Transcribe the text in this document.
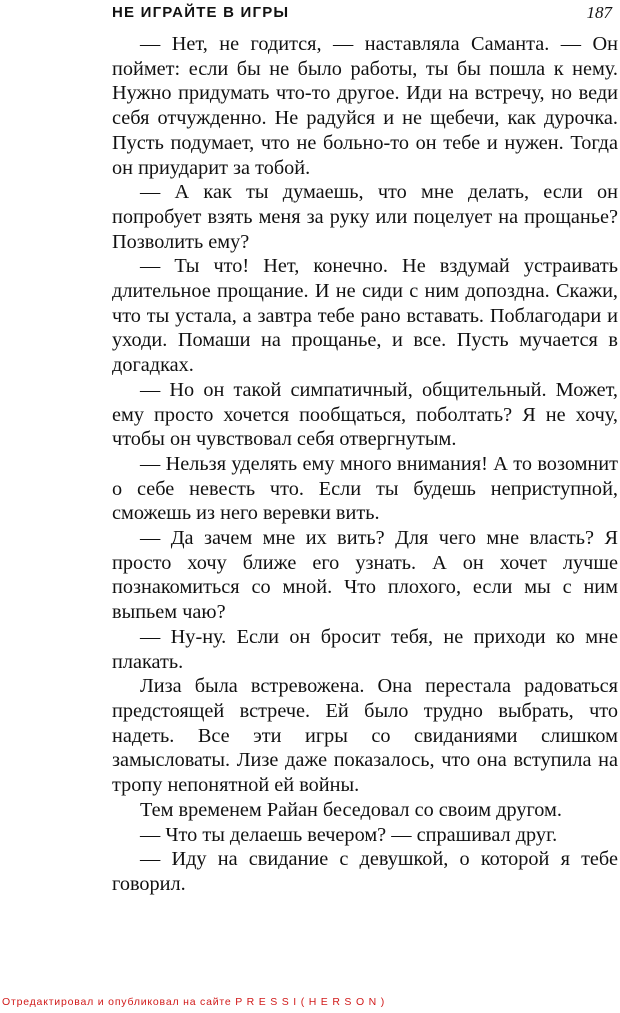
НЕ ИГРАЙТЕ В ИГРЫ	187

— Нет, не годится, — наставляла Саманта. — Он поймет: если бы не было работы, ты бы пошла к нему. Нужно придумать что-то другое. Иди на встречу, но веди себя отчужденно. Не радуйся и не щебечи, как дурочка. Пусть подумает, что не больно-то он тебе и нужен. Тогда он приударит за тобой.

— А как ты думаешь, что мне делать, если он попробует взять меня за руку или поцелует на прощанье? Позволить ему?

— Ты что! Нет, конечно. Не вздумай устраивать длительное прощание. И не сиди с ним допоздна. Скажи, что ты устала, а завтра тебе рано вставать. Поблагодари и уходи. Помаши на прощанье, и все. Пусть мучается в догадках.

— Но он такой симпатичный, общительный. Может, ему просто хочется пообщаться, поболтать? Я не хочу, чтобы он чувствовал себя отвергнутым.

— Нельзя уделять ему много внимания! А то возомнит о себе невесть что. Если ты будешь неприступной, сможешь из него веревки вить.

— Да зачем мне их вить? Для чего мне власть? Я просто хочу ближе его узнать. А он хочет лучше познакомиться со мной. Что плохого, если мы с ним выпьем чаю?

— Ну-ну. Если он бросит тебя, не приходи ко мне плакать.

Лиза была встревожена. Она перестала радоваться предстоящей встрече. Ей было трудно выбрать, что надеть. Все эти игры со свиданиями слишком замысловаты. Лизе даже показалось, что она вступила на тропу непонятной ей войны.

Тем временем Райан беседовал со своим другом.

— Что ты делаешь вечером? — спрашивал друг.

— Иду на свидание с девушкой, о которой я тебе говорил.

Отредактировал и опубликовал на сайте P R E S S I ( H E R S O N )
